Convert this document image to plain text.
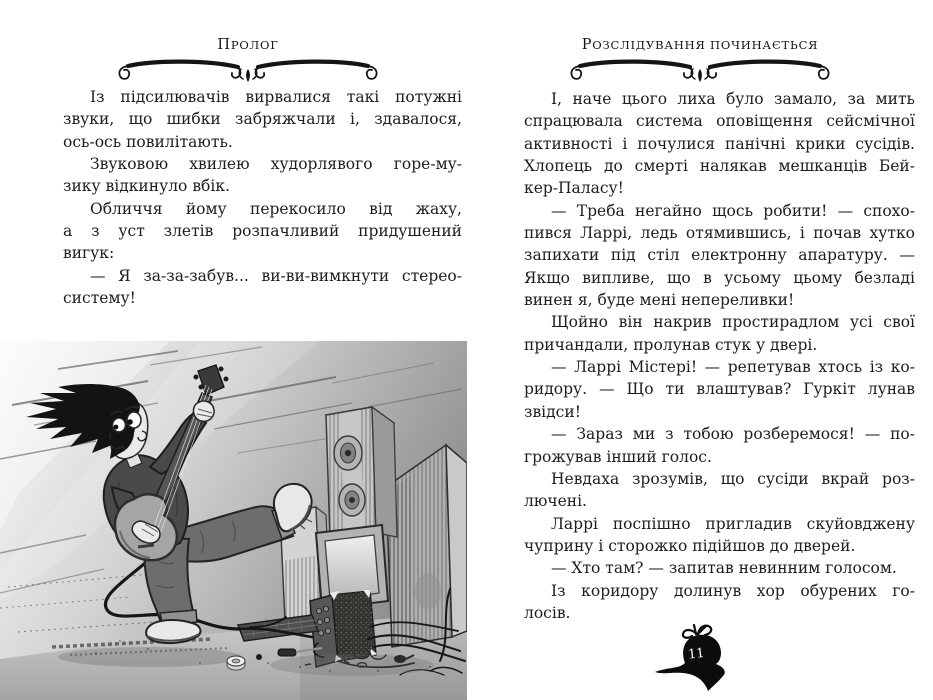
ПРОЛОГ
Із підсилювачів вирвалися такі потужні
звуки, що шибки забряжчали і, здавалося,
ось-ось повилітають.
Звуковою хвилею худорлявого горе-му-
зику відкинуло вбік.
Обличчя йому перекосило від жаху,
а з уст злетів розпачливий придушений
вигук:
— Я за-за-забув... ви-ви-вимкнути стерео-
систему!
РОЗСЛІДУВАННЯ ПОЧИНАЄТЬСЯ
І, наче цього лиха було замало, за мить
спрацювала система оповіщення сейсмічної
активності і почулися панічні крики сусідів.
Хлопець до смерті налякав мешканців Бей-
кер-Паласу!
— Треба негайно щось робити! — спохо-
пився Ларрі, ледь отямившись, і почав хутко
запихати під стіл електронну апаратуру. —
Якщо випливе, що в усьому цьому безладі
винен я, буде мені непереливки!
Щойно він накрив простирадлом усі свої
причандали, пролунав стук у двері.
— Ларрі Містері! — репетував хтось із ко-
ридору. — Що ти влаштував? Гуркіт лунав
звідси!
— Зараз ми з тобою розберемося! — по-
грожував інший голос.
Невдаха зрозумів, що сусіди вкрай роз-
лючені.
Ларрі поспішно пригладив скуйовджену
чуприну і сторожко підійшов до дверей.
— Хто там? — запитав невинним голосом.
Із коридору долинув хор обурених го-
лосів.
11
